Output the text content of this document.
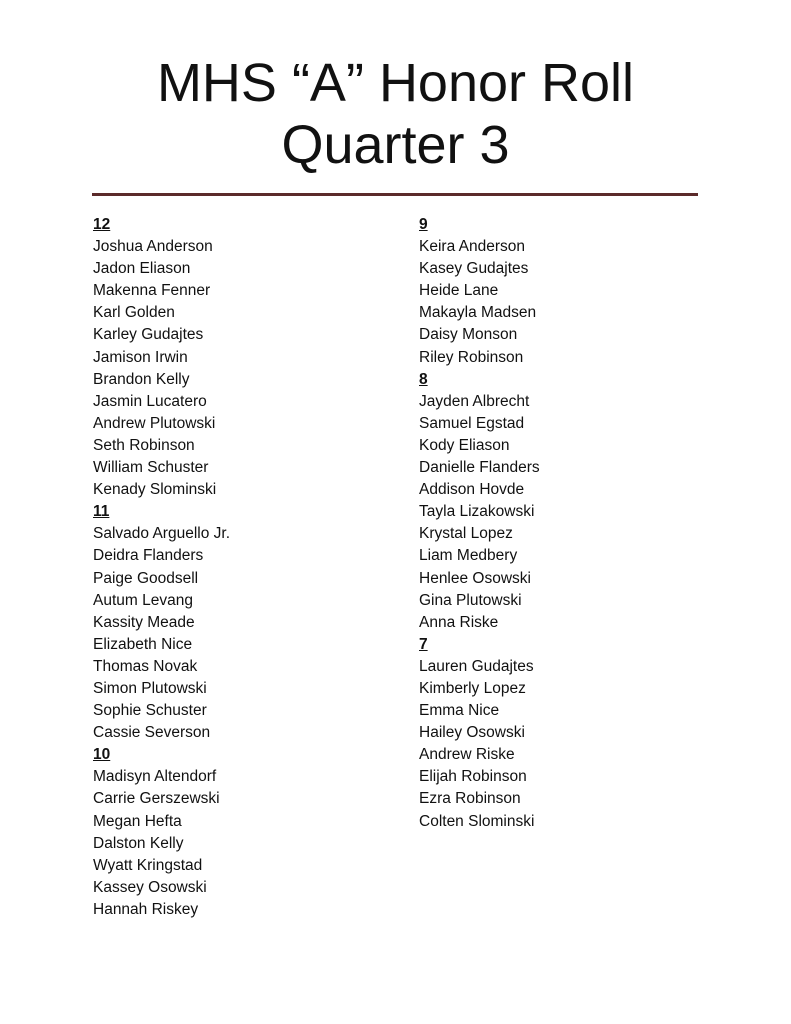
MHS “A” Honor Roll
Quarter 3
12
Joshua Anderson
Jadon Eliason
Makenna Fenner
Karl Golden
Karley Gudajtes
Jamison Irwin
Brandon Kelly
Jasmin Lucatero
Andrew Plutowski
Seth Robinson
William Schuster
Kenady Slominski
11
Salvado Arguello Jr.
Deidra Flanders
Paige Goodsell
Autum Levang
Kassity Meade
Elizabeth Nice
Thomas Novak
Simon Plutowski
Sophie Schuster
Cassie Severson
10
Madisyn Altendorf
Carrie Gerszewski
Megan Hefta
Dalston Kelly
Wyatt Kringstad
Kassey Osowski
Hannah Riskey
9
Keira Anderson
Kasey Gudajtes
Heide Lane
Makayla Madsen
Daisy Monson
Riley Robinson
8
Jayden Albrecht
Samuel Egstad
Kody Eliason
Danielle Flanders
Addison Hovde
Tayla Lizakowski
Krystal Lopez
Liam Medbery
Henlee Osowski
Gina Plutowski
Anna Riske
7
Lauren Gudajtes
Kimberly Lopez
Emma Nice
Hailey Osowski
Andrew Riske
Elijah Robinson
Ezra Robinson
Colten Slominski
